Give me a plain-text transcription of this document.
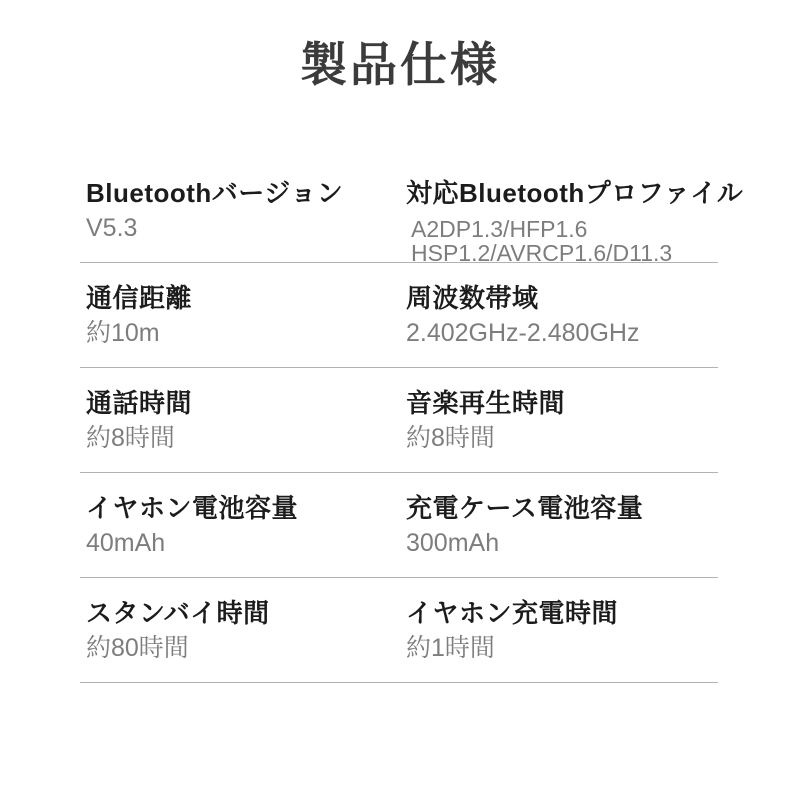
製品仕様
Bluetoothバージョン
V5.3
対応Bluetoothプロファイル
A2DP1.3/HFP1.6
HSP1.2/AVRCP1.6/D11.3
通信距離
約10m
周波数帯域
2.402GHz-2.480GHz
通話時間
約8時間
音楽再生時間
約8時間
イヤホン電池容量
40mAh
充電ケース電池容量
300mAh
スタンバイ時間
約80時間
イヤホン充電時間
約1時間
